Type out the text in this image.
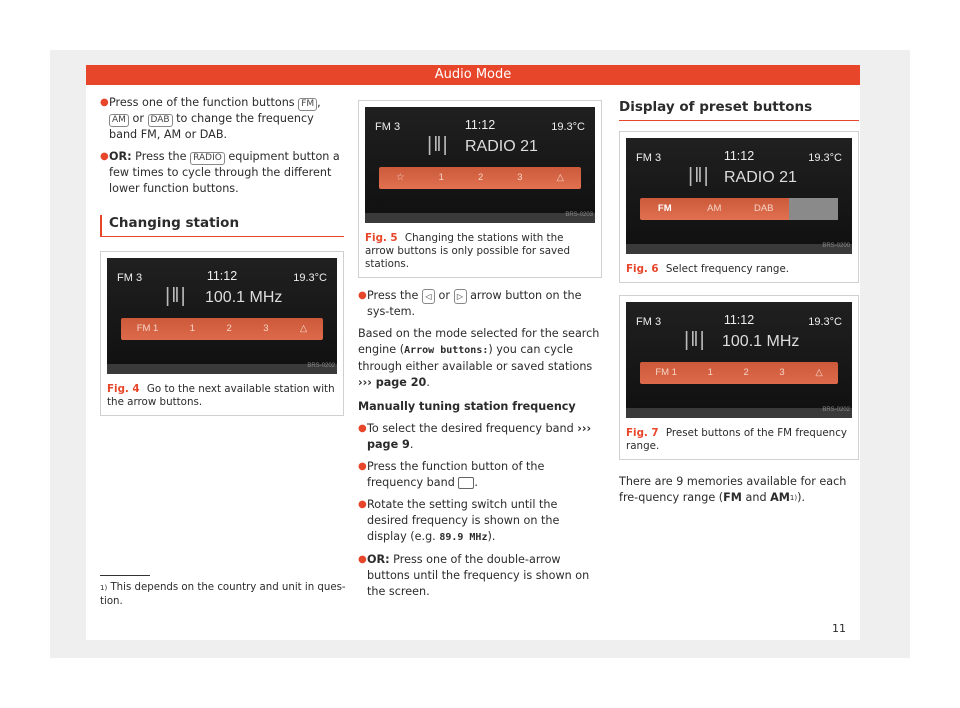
Audio Mode
● Press one of the function buttons FM , AM or DAB to change the frequency band FM, AM or DAB.
● OR: Press the RADIO equipment button a few times to cycle through the different lower function buttons.
Changing station
FM 3	11:12	19.3°C
|‖| 100.1 MHz
FM 1	1	2	3	△
BRS-0202
Fig. 4 Go to the next available station with the arrow buttons.
FM 3	11:12	19.3°C
|‖| RADIO 21
☆	1	2	3	△
BRS-0203
Fig. 5 Changing the stations with the arrow buttons is only possible for saved stations.
● Press the ◁ or ▷ arrow button on the sys-tem.

Based on the mode selected for the search engine (Arrow buttons:) you can cycle through either available or saved stations ››› page 20.

Manually tuning station frequency

● To select the desired frequency band ››› page 9.
● Press the function button of the frequency band .
● Rotate the setting switch until the desired frequency is shown on the display (e.g. 89.9 MHz).
● OR: Press one of the double-arrow buttons until the frequency is shown on the screen.
Display of preset buttons
FM 3	11:12	19.3°C
|‖| RADIO 21
FM	AM	DAB
BRS-0200
Fig. 6 Select frequency range.
FM 3	11:12	19.3°C
|‖| 100.1 MHz
FM 1	1	2	3	△
BRS-0202
Fig. 7 Preset buttons of the FM frequency range.

There are 9 memories available for each fre-quency range (FM and AM$^{1)}$).

$^{1)}$ This depends on the country and unit in ques-tion.
11
